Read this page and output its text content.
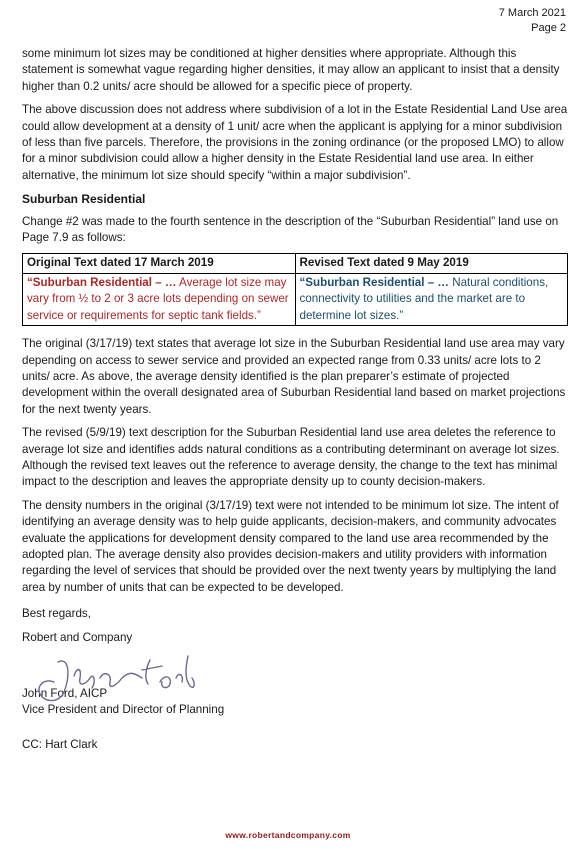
7 March 2021
Page 2

some minimum lot sizes may be conditioned at higher densities where appropriate. Although this statement is somewhat vague regarding higher densities, it may allow an applicant to insist that a density higher than 0.2 units/ acre should be allowed for a specific piece of property.

The above discussion does not address where subdivision of a lot in the Estate Residential Land Use area could allow development at a density of 1 unit/ acre when the applicant is applying for a minor subdivision of less than five parcels. Therefore, the provisions in the zoning ordinance (or the proposed LMO) to allow for a minor subdivision could allow a higher density in the Estate Residential land use area. In either alternative, the minimum lot size should specify “within a major subdivision”.

Suburban Residential

Change #2 was made to the fourth sentence in the description of the “Suburban Residential” land use on Page 7.9 as follows:

Original Text dated 17 March 2019	Revised Text dated 9 May 2019
“Suburban Residential – … Average lot size may vary from ½ to 2 or 3 acre lots depending on sewer service or requirements for septic tank fields.”	“Suburban Residential – … Natural conditions, connectivity to utilities and the market are to determine lot sizes.”

The original (3/17/19) text states that average lot size in the Suburban Residential land use area may vary depending on access to sewer service and provided an expected range from 0.33 units/ acre lots to 2 units/ acre. As above, the average density identified is the plan preparer’s estimate of projected development within the overall designated area of Suburban Residential land based on market projections for the next twenty years.

The revised (5/9/19) text description for the Suburban Residential land use area deletes the reference to average lot size and identifies adds natural conditions as a contributing determinant on average lot sizes. Although the revised text leaves out the reference to average density, the change to the text has minimal impact to the description and leaves the appropriate density up to county decision-makers.

The density numbers in the original (3/17/19) text were not intended to be minimum lot size. The intent of identifying an average density was to help guide applicants, decision-makers, and community advocates evaluate the applications for development density compared to the land use area recommended by the adopted plan. The average density also provides decision-makers and utility providers with information regarding the level of services that should be provided over the next twenty years by multiplying the land area by number of units that can be expected to be developed.

Best regards,

Robert and Company
John Ford, AICP
Vice President and Director of Planning
CC: Hart Clark
www.robertandcompany.com
